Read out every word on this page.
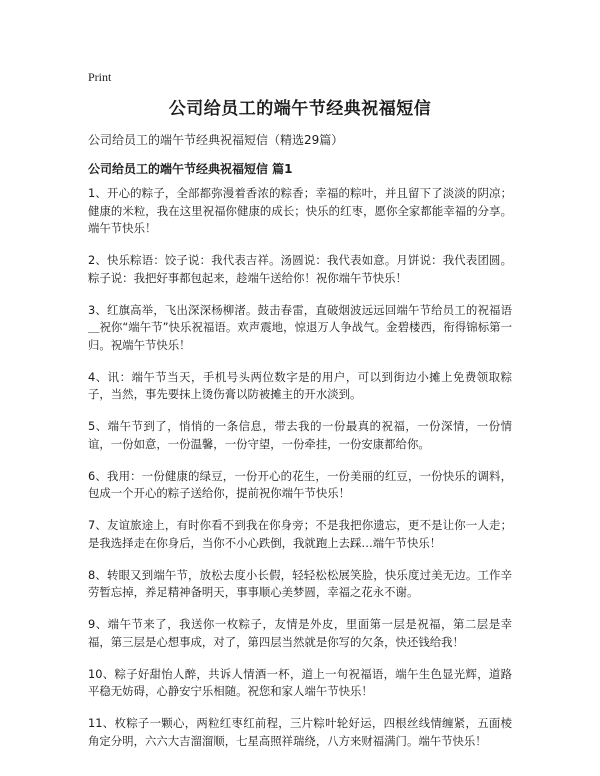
Print
公司给员工的端午节经典祝福短信
公司给员工的端午节经典祝福短信（精选29篇）
公司给员工的端午节经典祝福短信 篇1

1、开心的粽子，全部都弥漫着香浓的粽香；幸福的粽叶，并且留下了淡淡的阴凉；健康的米粒，我在这里祝福你健康的成长；快乐的红枣，愿你全家都能幸福的分享。端午节快乐！

2、快乐粽语：饺子说：我代表吉祥。汤圆说：我代表如意。月饼说：我代表团圆。粽子说：我把好事都包起来，趁端午送给你！祝你端午节快乐！

3、红旗高举，飞出深深杨柳渚。鼓击春雷，直破烟波远远回端午节给员工的祝福语＿祝你“端午节”快乐祝福语。欢声震地，惊退万人争战气。金碧楼西，衔得锦标第一归。祝端午节快乐！

4、讯：端午节当天，手机号头两位数字是的用户，可以到街边小摊上免费领取粽子，当然，事先要抹上烫伤膏以防被摊主的开水淡到。

5、端午节到了，悄悄的一条信息，带去我的一份最真的祝福，一份深情，一份情谊，一份如意，一份温馨，一份守望，一份牵挂，一份安康都给你。

6、我用：一份健康的绿豆，一份开心的花生，一份美丽的红豆，一份快乐的调料，包成一个开心的粽子送给你，提前祝你端午节快乐！

7、友谊旅途上，有时你看不到我在你身旁；不是我把你遗忘，更不是让你一人走；是我选择走在你身后，当你不小心跌倒，我就跑上去踩…端午节快乐！

8、转眼又到端午节，放松去度小长假，轻轻松松展笑脸，快乐度过美无边。工作辛劳暂忘掉，养足精神备明天，事事顺心美梦圆，幸福之花永不谢。

9、端午节来了，我送你一枚粽子，友情是外皮，里面第一层是祝福，第二层是幸福，第三层是心想事成，对了，第四层当然就是你写的欠条，快还钱给我！

10、粽子好甜怡人醉，共诉人情酒一杯，道上一句祝福语，端午生色显光辉，道路平稳无妨碍，心静安宁乐相随。祝您和家人端午节快乐！

11、枚粽子一颗心，两粒红枣红前程，三片粽叶轮好运，四根丝线情缠紧，五面棱角定分明，六六大吉溜溜顺，七星高照祥瑞绕，八方来财福满门。端午节快乐！
